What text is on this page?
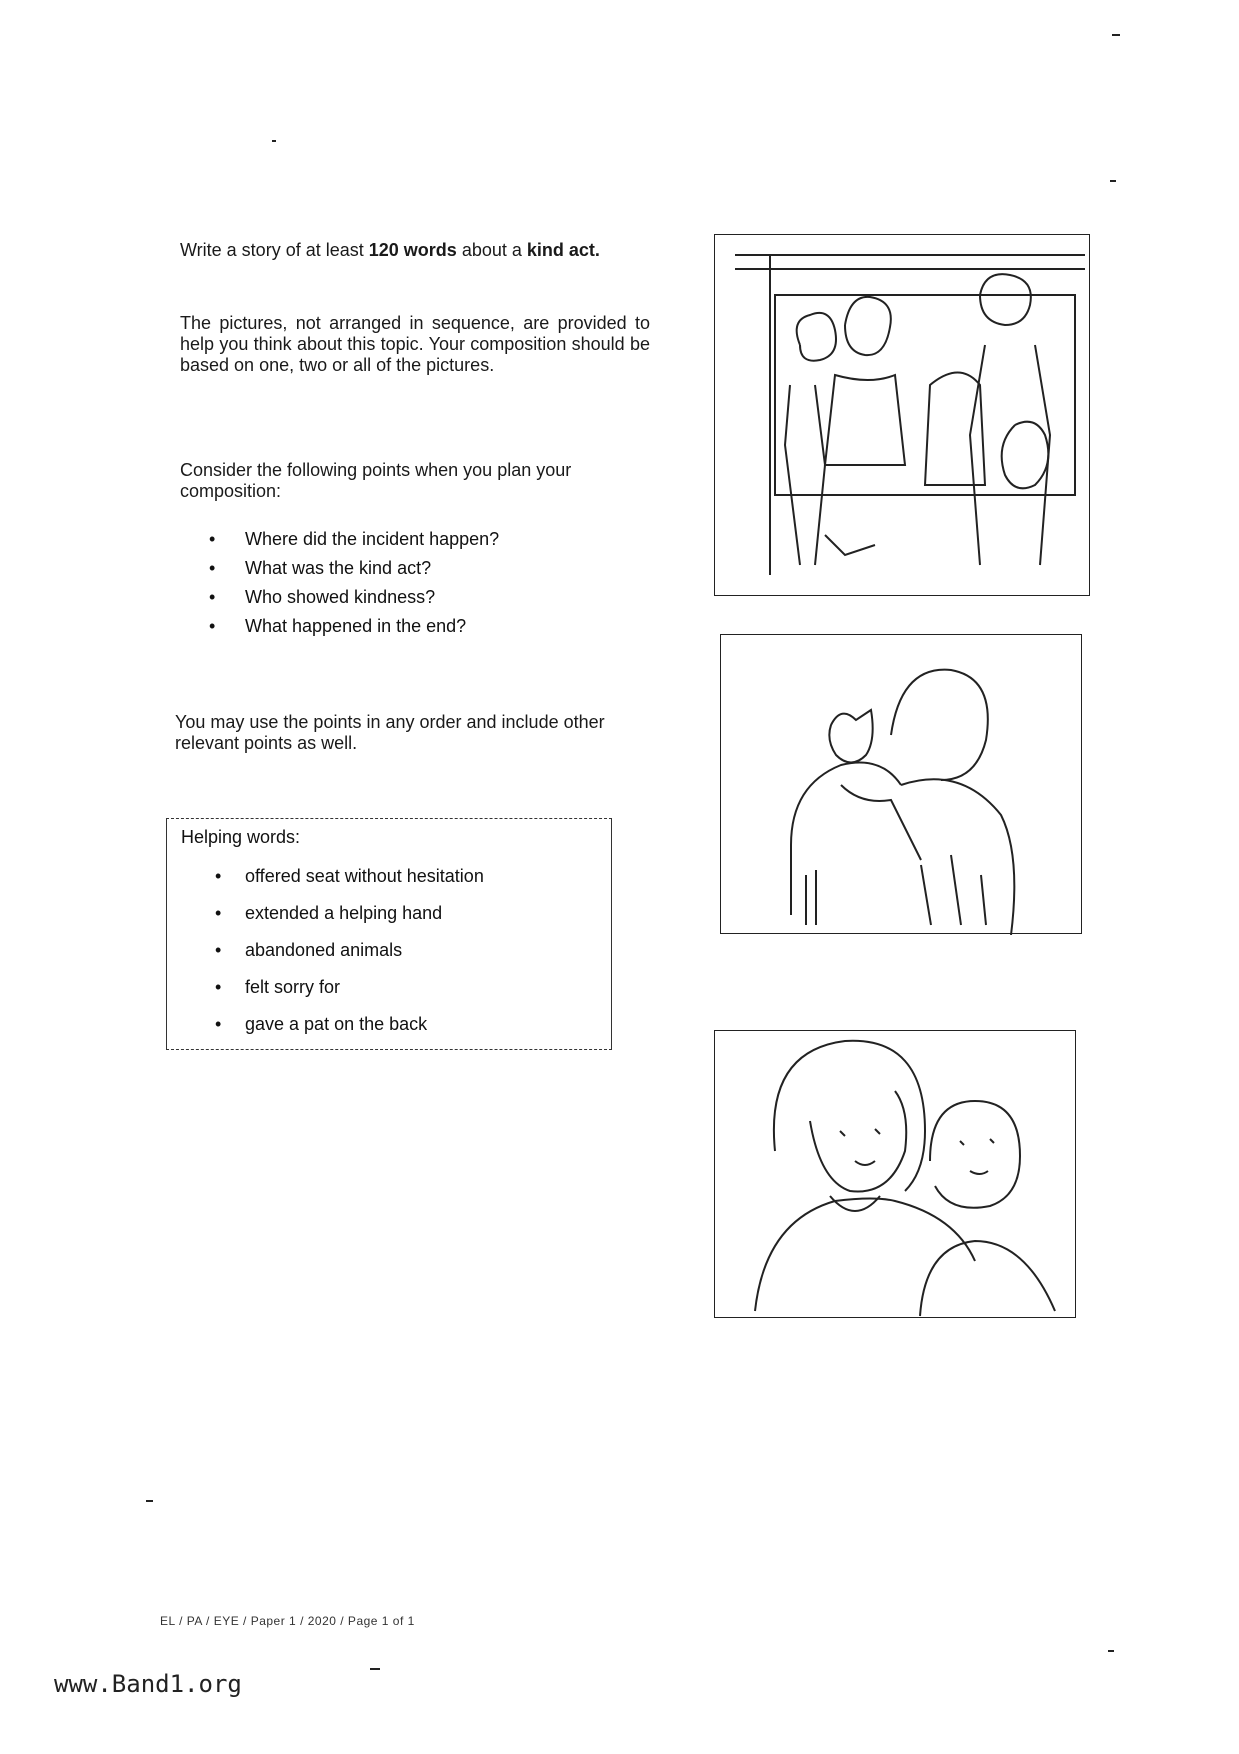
Write a story of at least 120 words about a kind act.
The pictures, not arranged in sequence, are provided to help you think about this topic. Your composition should be based on one, two or all of the pictures.
Consider the following points when you plan your composition:
• Where did the incident happen?
• What was the kind act?
• Who showed kindness?
• What happened in the end?
You may use the points in any order and include other relevant points as well.
Helping words:
• offered seat without hesitation
• extended a helping hand
• abandoned animals
• felt sorry for
• gave a pat on the back
EL / PA / EYE / Paper 1 / 2020 / Page 1 of 1
www.Band1.org
